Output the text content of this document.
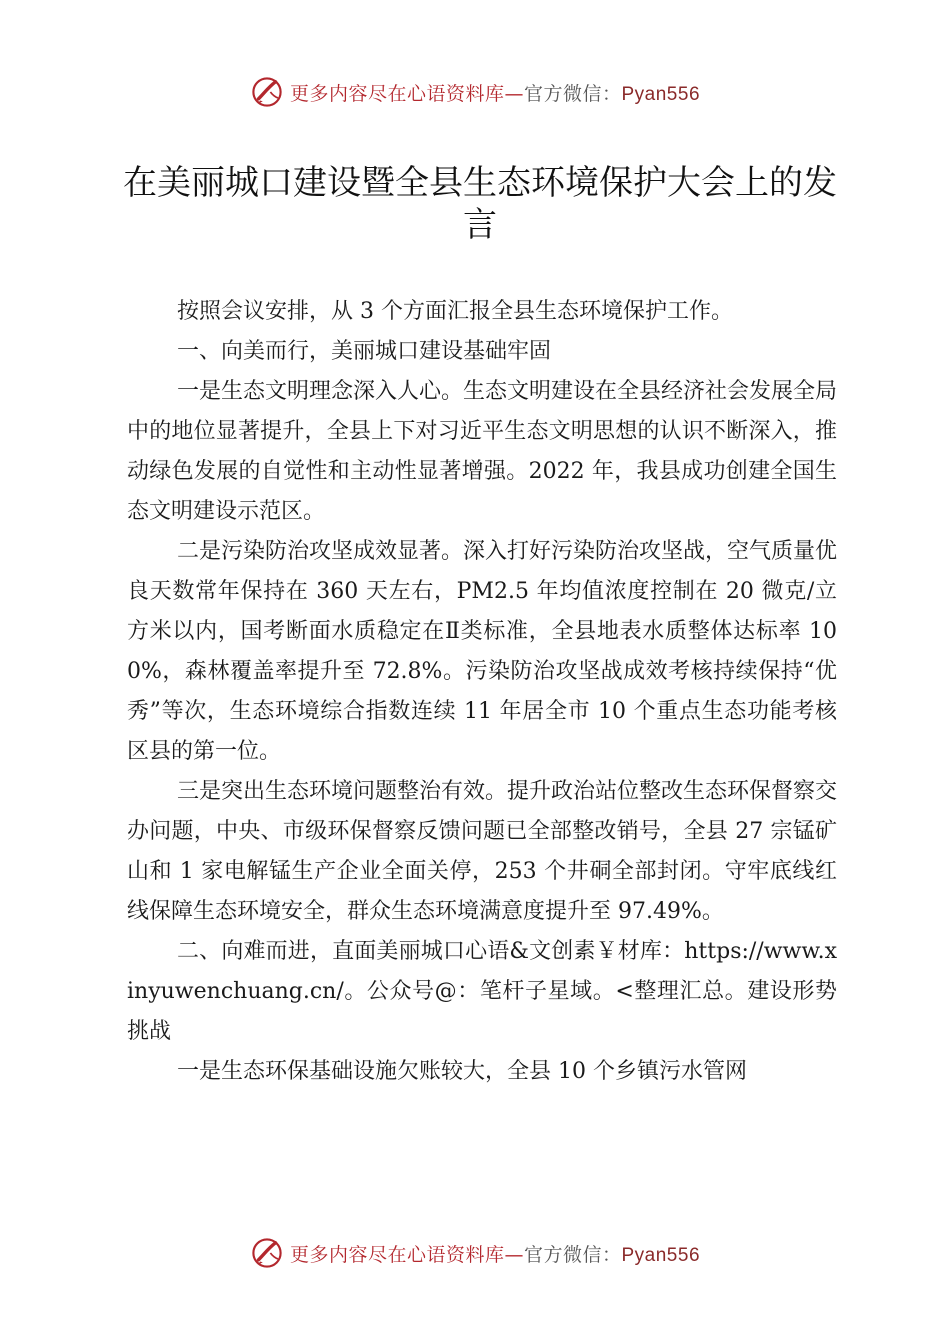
更多内容尽在心语资料库—官方微信：Pyan556
在美丽城口建设暨全县生态环境保护大会上的发言

按照会议安排，从 3 个方面汇报全县生态环境保护工作。

一、向美而行，美丽城口建设基础牢固

一是生态文明理念深入人心。生态文明建设在全县经济社会发展全局中的地位显著提升，全县上下对习近平生态文明思想的认识不断深入，推动绿色发展的自觉性和主动性显著增强。2022 年，我县成功创建全国生态文明建设示范区。

二是污染防治攻坚成效显著。深入打好污染防治攻坚战，空气质量优良天数常年保持在 360 天左右，PM2.5 年均值浓度控制在 20 微克/立方米以内，国考断面水质稳定在Ⅱ类标准，全县地表水质整体达标率 100%，森林覆盖率提升至 72.8%。污染防治攻坚战成效考核持续保持“优秀”等次，生态环境综合指数连续 11 年居全市 10 个重点生态功能考核区县的第一位。

三是突出生态环境问题整治有效。提升政治站位整改生态环保督察交办问题，中央、市级环保督察反馈问题已全部整改销号，全县 27 宗锰矿山和 1 家电解锰生产企业全面关停，253 个井硐全部封闭。守牢底线红线保障生态环境安全，群众生态环境满意度提升至 97.49%。

二、向难而进，直面美丽城口心语&文创素￥材库：https://www.xinyuwenchuang.cn/。公众号@：笔杆子星域。<整理汇总。建设形势挑战

一是生态环保基础设施欠账较大，全县 10 个乡镇污水管网

更多内容尽在心语资料库—官方微信：Pyan556
